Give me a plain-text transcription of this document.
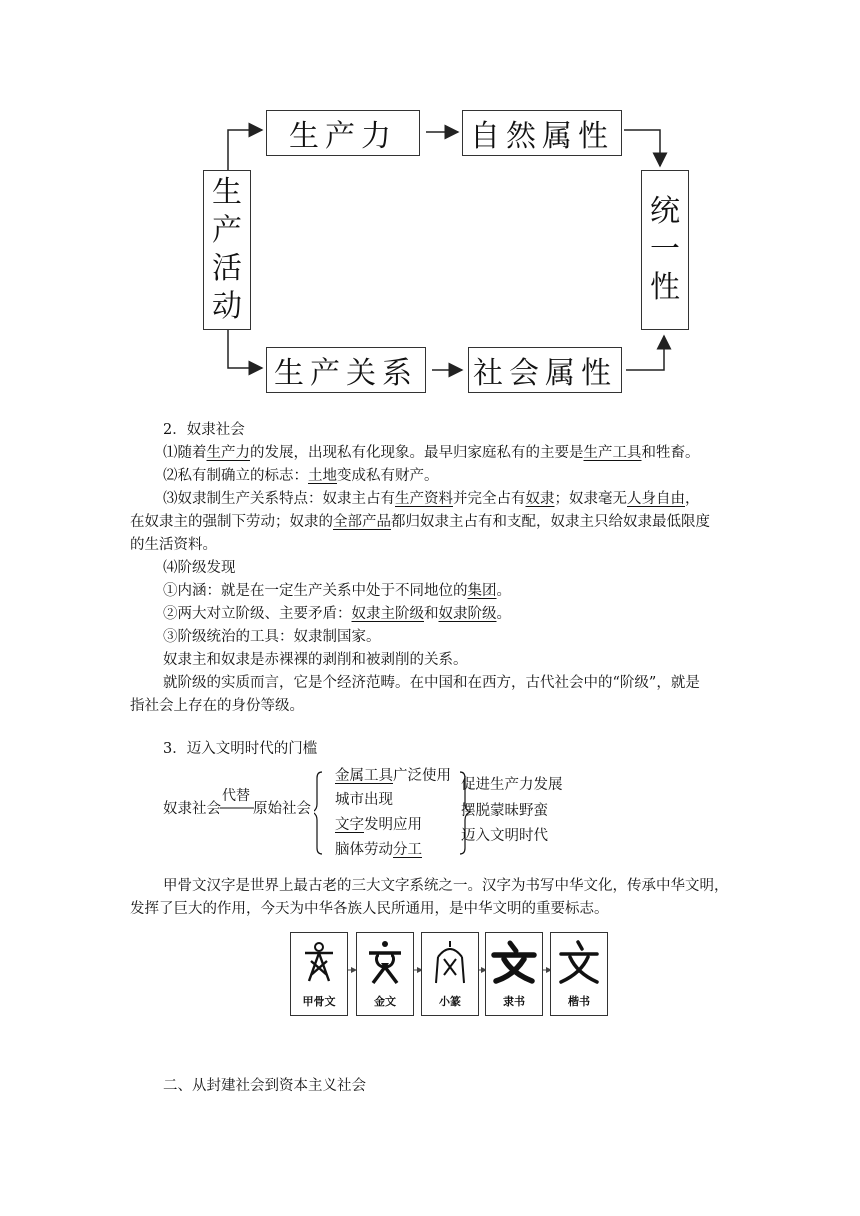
生产力 自然属性
生
产
活
动
统
一
性
生产关系 社会属性
2．奴隶社会
⑴随着生产力的发展，出现私有化现象。最早归家庭私有的主要是生产工具和牲畜。
⑵私有制确立的标志：土地变成私有财产。
⑶奴隶制生产关系特点：奴隶主占有生产资料并完全占有奴隶；奴隶毫无人身自由，
在奴隶主的强制下劳动；奴隶的全部产品都归奴隶主占有和支配，奴隶主只给奴隶最低限度
的生活资料。
⑷阶级发现
①内涵：就是在一定生产关系中处于不同地位的集团。
②两大对立阶级、主要矛盾：奴隶主阶级和奴隶阶级。
③阶级统治的工具：奴隶制国家。
奴隶主和奴隶是赤裸裸的剥削和被剥削的关系。
就阶级的实质而言，它是个经济范畴。在中国和在西方，古代社会中的“阶级”，就是
指社会上存在的身份等级。
3．迈入文明时代的门槛
奴隶社会
代替
原始社会
金属工具广泛使用
城市出现
文字发明应用
脑体劳动分工
促进生产力发展
摆脱蒙昧野蛮
迈入文明时代
甲骨文汉字是世界上最古老的三大文字系统之一。汉字为书写中华文化，传承中华文明，
发挥了巨大的作用，今天为中华各族人民所通用，是中华文明的重要标志。
甲骨文	金文	小篆	隶书	楷书
二、从封建社会到资本主义社会
